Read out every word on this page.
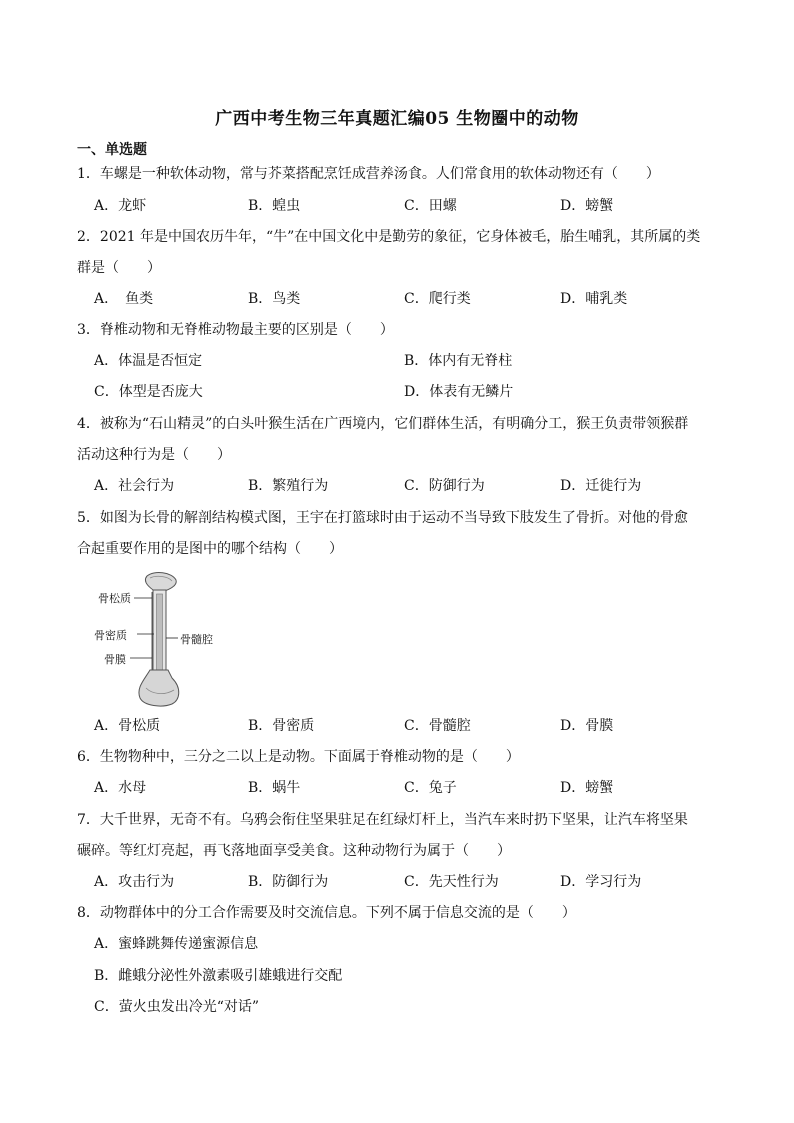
广西中考生物三年真题汇编05 生物圈中的动物
一、单选题
1．车螺是一种软体动物，常与芥菜搭配烹饪成营养汤食。人们常食用的软体动物还有（　　）
A．龙虾	B．蝗虫	C．田螺	D．螃蟹
2．2021 年是中国农历牛年，“牛”在中国文化中是勤劳的象征，它身体被毛，胎生哺乳，其所属的类
群是（　　）
A．　鱼类	B．鸟类	C．爬行类	D．哺乳类
3．脊椎动物和无脊椎动物最主要的区别是（　　）
A．体温是否恒定	B．体内有无脊柱
C．体型是否庞大	D．体表有无鳞片
4．被称为“石山精灵”的白头叶猴生活在广西境内，它们群体生活，有明确分工，猴王负责带领猴群
活动这种行为是（　　）
A．社会行为	B．繁殖行为	C．防御行为	D．迁徙行为
5．如图为长骨的解剖结构模式图，王宇在打篮球时由于运动不当导致下肢发生了骨折。对他的骨愈
合起重要作用的是图中的哪个结构（　　）
骨松质
骨密质	骨髓腔
骨膜
A．骨松质	B．骨密质	C．骨髓腔	D．骨膜
6．生物物种中，三分之二以上是动物。下面属于脊椎动物的是（　　）
A．水母	B．蜗牛	C．兔子	D．螃蟹
7．大千世界，无奇不有。乌鸦会衔住坚果驻足在红绿灯杆上，当汽车来时扔下坚果，让汽车将坚果
碾碎。等红灯亮起，再飞落地面享受美食。这种动物行为属于（　　）
A．攻击行为	B．防御行为	C．先天性行为	D．学习行为
8．动物群体中的分工合作需要及时交流信息。下列不属于信息交流的是（　　）
A．蜜蜂跳舞传递蜜源信息
B．雌蛾分泌性外激素吸引雄蛾进行交配
C．萤火虫发出冷光“对话”
